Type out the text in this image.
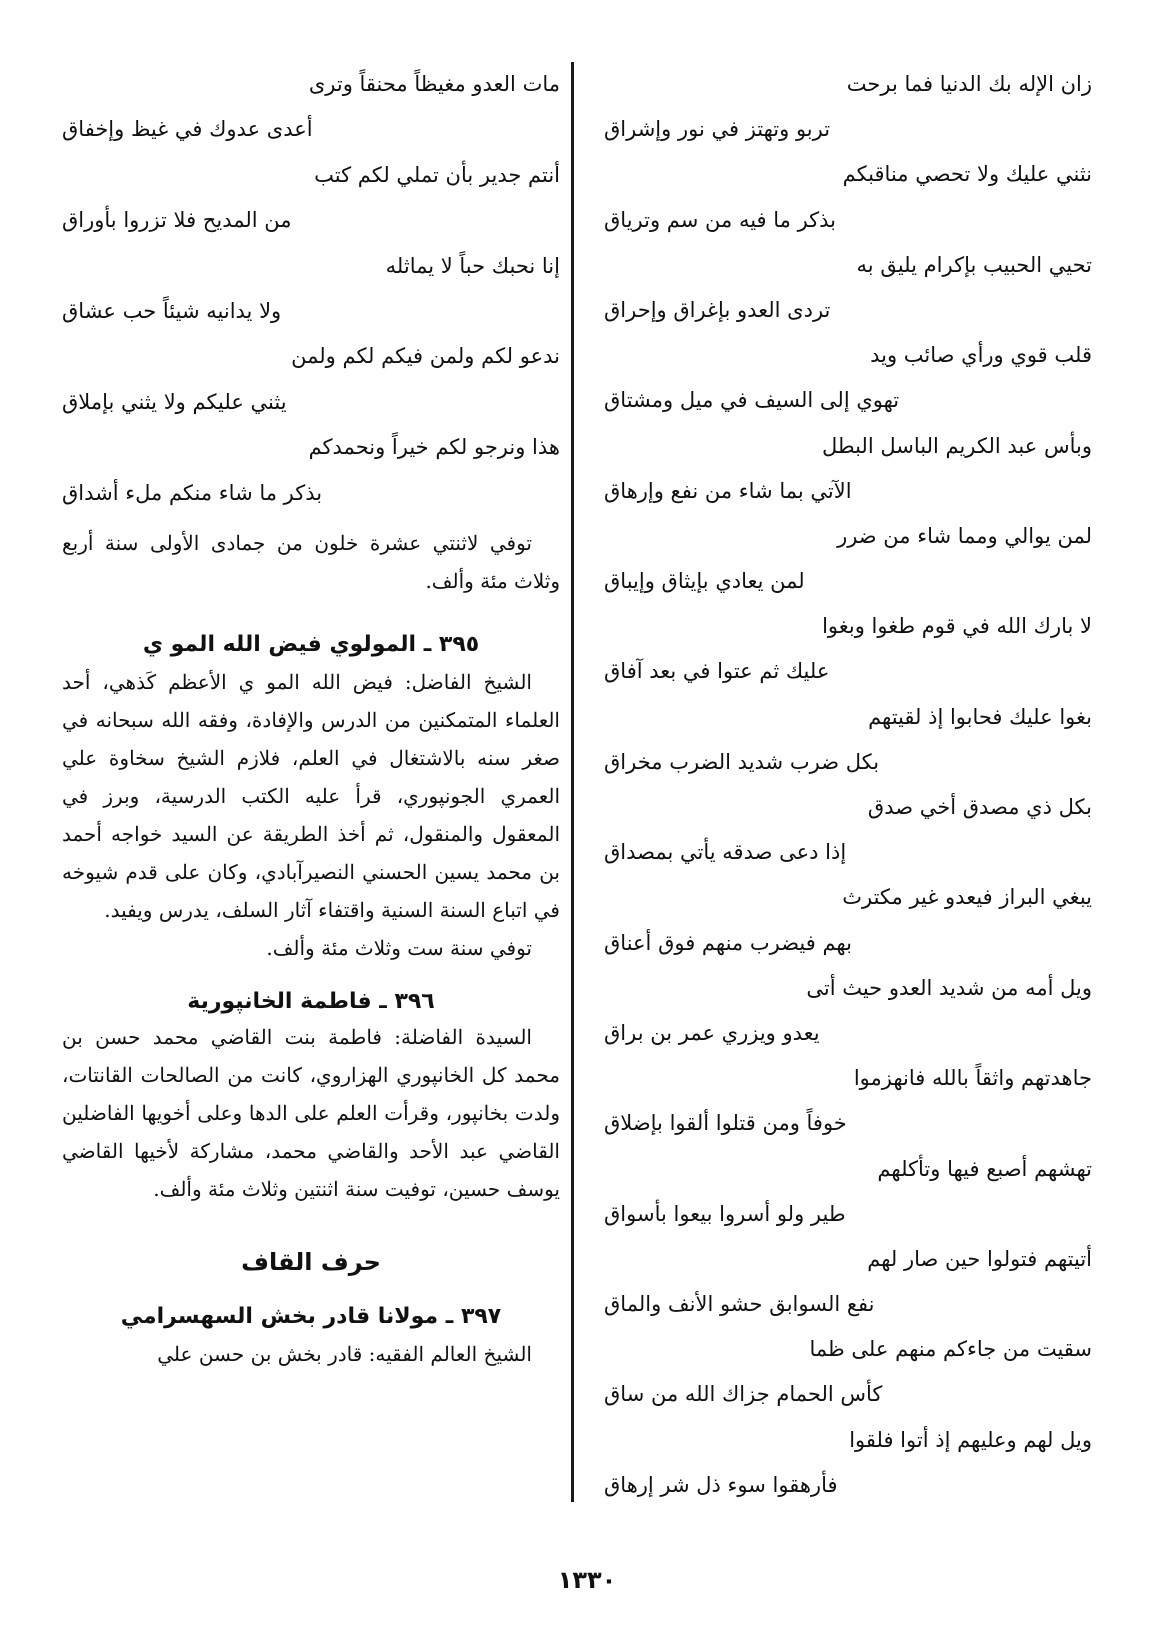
زان الإله بك الدنيا فما برحت
تربو وتهتز في نور وإشراق
نثني عليك ولا تحصي مناقبكم
بذكر ما فيه من سم وترياق
تحيي الحبيب بإكرام يليق به
تردى العدو بإغراق وإحراق
قلب قوي ورأي صائب ويد
تهوي إلى السيف في ميل ومشتاق
وبأس عبد الكريم الباسل البطل
الآتي بما شاء من نفع وإرهاق
لمن يوالي ومما شاء من ضرر
لمن يعادي بإيثاق وإيباق
لا بارك الله في قوم طغوا وبغوا
عليك ثم عتوا في بعد آفاق
بغوا عليك فحابوا إذ لقيتهم
بكل ضرب شديد الضرب مخراق
بكل ذي مصدق أخي صدق
إذا دعى صدقه يأتي بمصداق
يبغي البراز فيعدو غير مكترث
بهم فيضرب منهم فوق أعناق
ويل أمه من شديد العدو حيث أتى
يعدو ويزري عمر بن براق
جاهدتهم واثقاً بالله فانهزموا
خوفاً ومن قتلوا ألقوا بإضلاق
تهشهم أصبع فيها وتأكلهم
طير ولو أسروا بيعوا بأسواق
أتيتهم فتولوا حين صار لهم
نفع السوابق حشو الأنف والماق
سقيت من جاءكم منهم على ظما
كأس الحمام جزاك الله من ساق
ويل لهم وعليهم إذ أتوا فلقوا
فأرهقوا سوء ذل شر إرهاق
مات العدو مغيظاً محنقاً وترى
أعدى عدوك في غيظ وإخفاق
أنتم جدير بأن تملي لكم كتب
من المديح فلا تزروا بأوراق
إنا نحبك حباً لا يماثله
ولا يدانيه شيئاً حب عشاق
ندعو لكم ولمن فيكم لكم ولمن
يثني عليكم ولا يثني بإملاق
هذا ونرجو لكم خيراً ونحمدكم
بذكر ما شاء منكم ملء أشداق

توفي لاثنتي عشرة خلون من جمادى الأولى سنة أربع وثلاث مئة وألف.

٣٩٥ ـ المولوي فيض الله المو ي

الشيخ الفاضل: فيض الله المو ي الأعظم كَذهي، أحد العلماء المتمكنين من الدرس والإفادة، وفقه الله سبحانه في صغر سنه بالاشتغال في العلم، فلازم الشيخ سخاوة علي العمري الجونپوري، قرأ عليه الكتب الدرسية، وبرز في المعقول والمنقول، ثم أخذ الطريقة عن السيد خواجه أحمد بن محمد يسين الحسني النصيرآبادي، وكان على قدم شيوخه في اتباع السنة السنية واقتفاء آثار السلف، يدرس ويفيد.

توفي سنة ست وثلاث مئة وألف.

٣٩٦ ـ فاطمة الخانپورية

السيدة الفاضلة: فاطمة بنت القاضي محمد حسن بن محمد كل الخانپوري الهزاروي، كانت من الصالحات القانتات، ولدت بخانپور، وقرأت العلم على الدها وعلى أخويها الفاضلين القاضي عبد الأحد والقاضي محمد، مشاركة لأخيها القاضي يوسف حسين، توفيت سنة اثنتين وثلاث مئة وألف.

حرف القاف

٣٩٧ ـ مولانا قادر بخش السهسرامي

الشيخ العالم الفقيه: قادر بخش بن حسن علي

١٣٣٠
